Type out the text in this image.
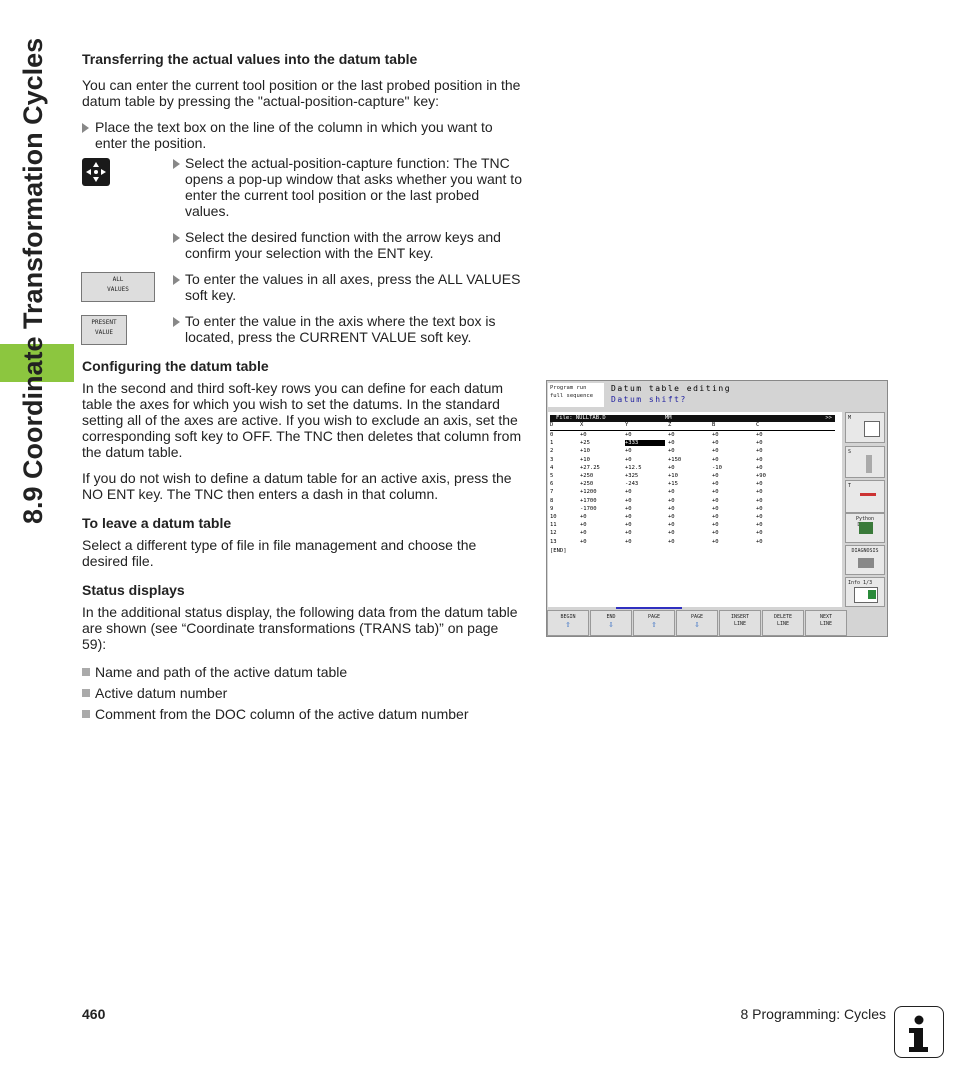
8.9 Coordinate Transformation Cycles Transferring the actual values into the datum table

You can enter the current tool position or the last probed position in the datum table by pressing the "actual-position-capture" key:

Place the text box on the line of the column in which you want to enter the position.
Select the actual-position-capture function: The TNC opens a pop-up window that asks whether you want to enter the current tool position or the last probed values.
Select the desired function with the arrow keys and confirm your selection with the ENT key.
ALL
VALUES
To enter the values in all axes, press the ALL VALUES soft key.
PRESENT
VALUE
To enter the value in the axis where the text box is located, press the CURRENT VALUE soft key.
Configuring the datum table

In the second and third soft-key rows you can define for each datum table the axes for which you wish to set the datums. In the standard setting all of the axes are active. If you wish to exclude an axis, set the corresponding soft key to OFF. The TNC then deletes that column from the datum table.

If you do not wish to define a datum table for an active axis, press the NO ENT key. The TNC then enters a dash in that column.

To leave a datum table

Select a different type of file in file management and choose the desired file.

Status displays

In the additional status display, the following data from the datum table are shown (see “Coordinate transformations (TRANS tab)” on page 59):

Name and path of the active datum table
Active datum number
Comment from the DOC column of the active datum number
Program run
full sequence
Datum table editing
Datum shift?
File: NULLTAB.D	MM	>>
D	X	Y	Z	B	C
0	+0	+0	+0	+0	+0
1	+25	+333	+0	+0	+0
2	+10	+0	+0	+0	+0
3	+10	+0	+150	+0	+0
4	+27.25	+12.5	+0	-10	+0
5	+250	+325	+10	+0	+90
6	+250	-243	+15	+0	+0
7	+1200	+0	+0	+0	+0
8	+1700	+0	+0	+0	+0
9	-1700	+0	+0	+0	+0
10	+0	+0	+0	+0	+0
11	+0	+0	+0	+0	+0
12	+0	+0	+0	+0	+0
13	+0	+0	+0	+0	+0
[END]
M
S
T
Python
DIAGNOSIS
Info 1/3
BEGIN
⇧
END
⇩
PAGE
⇧
PAGE
⇩
INSERT
LINE
DELETE
LINE
NEXT
LINE
460	8 Programming: Cycles
